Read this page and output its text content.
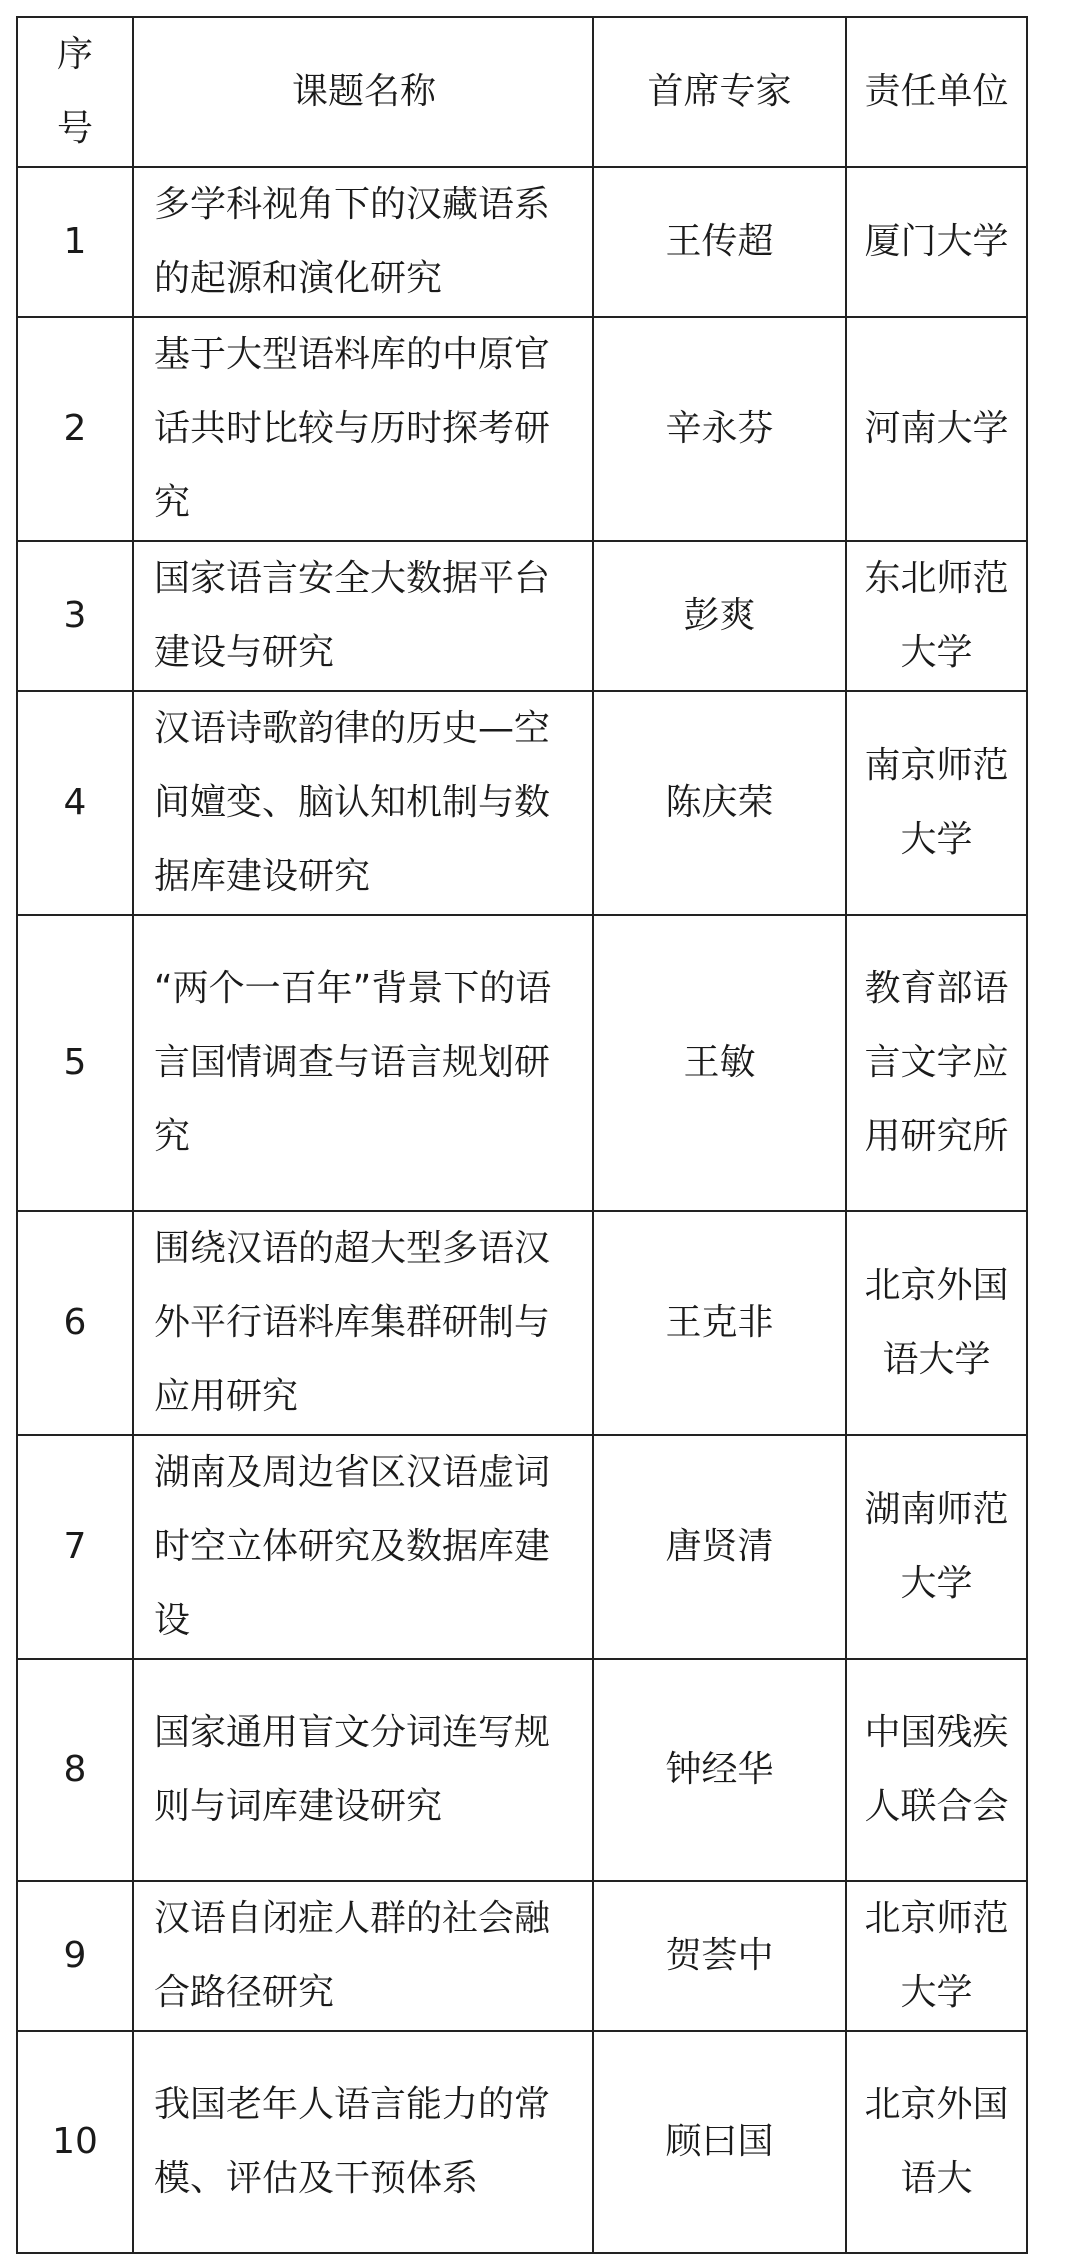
序号	课题名称	首席专家	责任单位
1	多学科视角下的汉藏语系的起源和演化研究	王传超	厦门大学
2	基于大型语料库的中原官话共时比较与历时探考研究	辛永芬	河南大学
3	国家语言安全大数据平台建设与研究	彭爽	东北师范大学
4	汉语诗歌韵律的历史—空间嬗变、脑认知机制与数据库建设研究	陈庆荣	南京师范大学
5	“两个一百年”背景下的语言国情调查与语言规划研究	王敏	教育部语言文字应用研究所
6	围绕汉语的超大型多语汉外平行语料库集群研制与应用研究	王克非	北京外国语大学
7	湖南及周边省区汉语虚词时空立体研究及数据库建设	唐贤清	湖南师范大学
8	国家通用盲文分词连写规则与词库建设研究	钟经华	中国残疾人联合会
9	汉语自闭症人群的社会融合路径研究	贺荟中	北京师范大学
10	我国老年人语言能力的常模、评估及干预体系	顾曰国	北京外国语大
